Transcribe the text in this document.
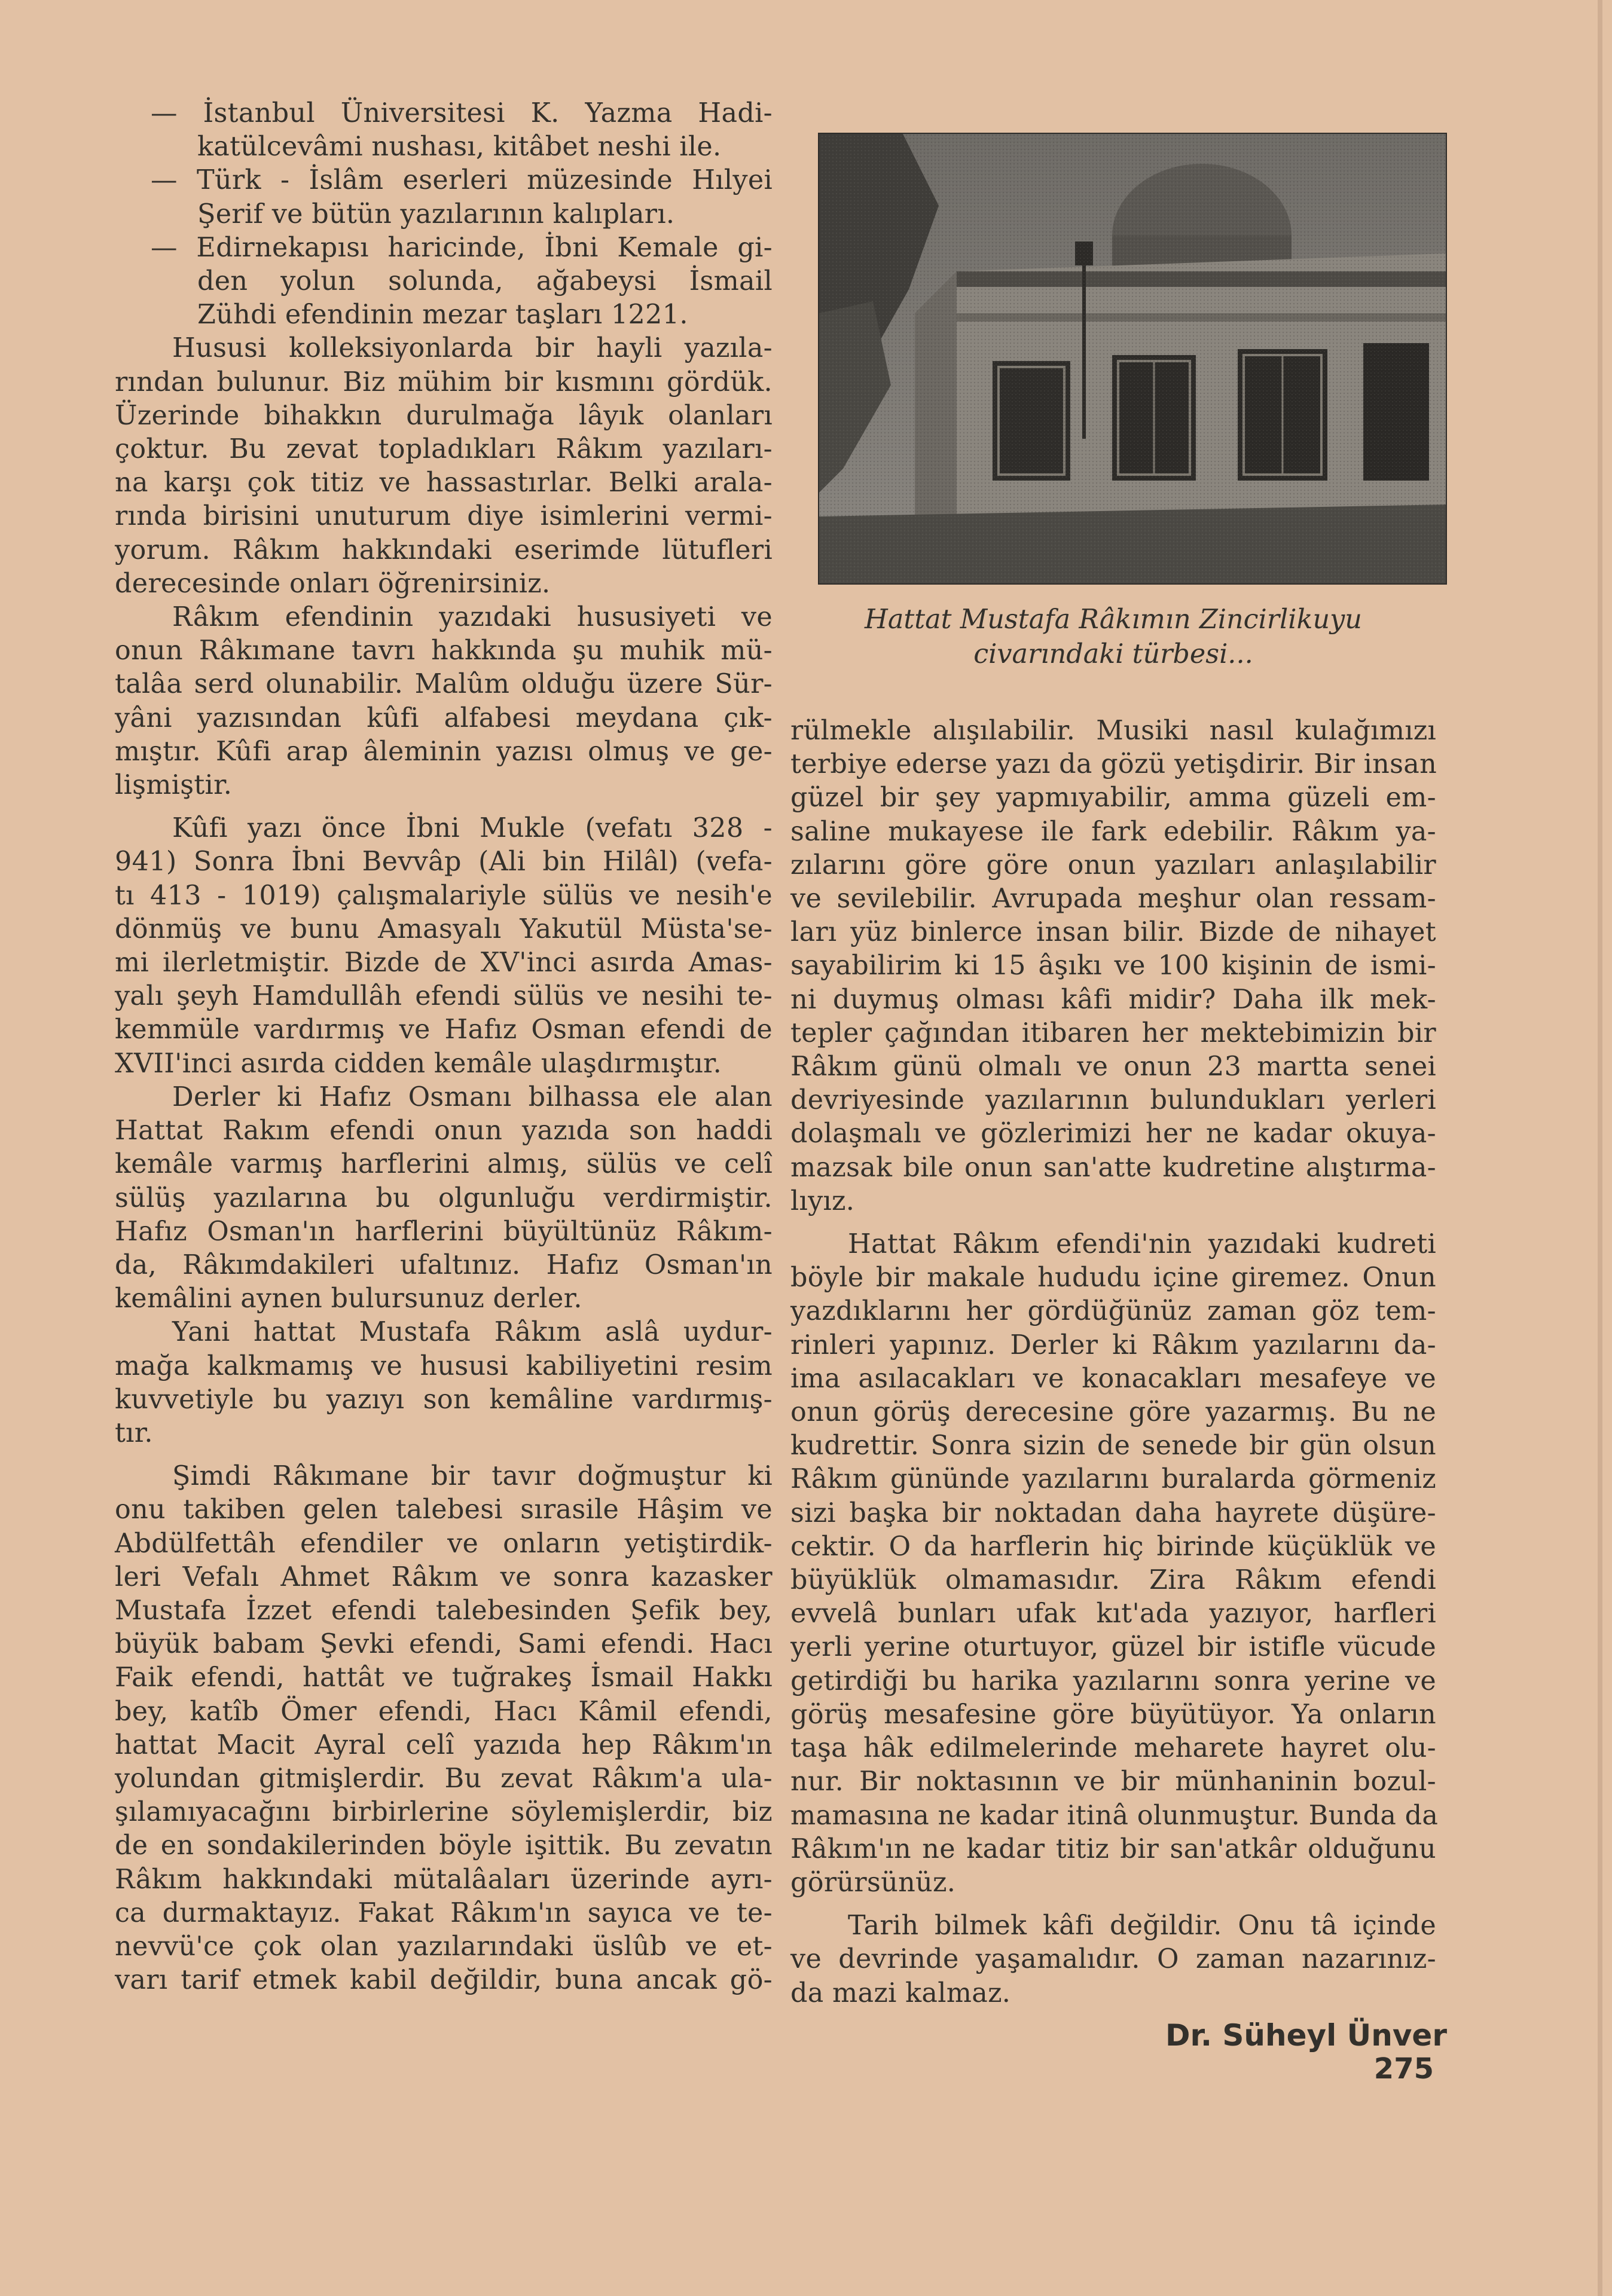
— İstanbul Üniversitesi K. Yazma Hadi-
katülcevâmi nushası, kitâbet neshi ile.
— Türk - İslâm eserleri müzesinde Hılyei
Şerif ve bütün yazılarının kalıpları.
— Edirnekapısı haricinde, İbni Kemale gi-
den yolun solunda, ağabeysi İsmail
Zühdi efendinin mezar taşları 1221.
Hususi kolleksiyonlarda bir hayli yazıla-
rından bulunur. Biz mühim bir kısmını gördük.
Üzerinde bihakkın durulmağa lâyık olanları
çoktur. Bu zevat topladıkları Râkım yazıları-
na karşı çok titiz ve hassastırlar. Belki arala-
rında birisini unuturum diye isimlerini vermi-
yorum. Râkım hakkındaki eserimde lütufleri
derecesinde onları öğrenirsiniz.
Râkım efendinin yazıdaki hususiyeti ve
onun Râkımane tavrı hakkında şu muhik mü-
talâa serd olunabilir. Malûm olduğu üzere Sür-
yâni yazısından kûfi alfabesi meydana çık-
mıştır. Kûfi arap âleminin yazısı olmuş ve ge-
lişmiştir.
Kûfi yazı önce İbni Mukle (vefatı 328 -
941) Sonra İbni Bevvâp (Ali bin Hilâl) (vefa-
tı 413 - 1019) çalışmalariyle sülüs ve nesih'e
dönmüş ve bunu Amasyalı Yakutül Müsta'se-
mi ilerletmiştir. Bizde de XV'inci asırda Amas-
yalı şeyh Hamdullâh efendi sülüs ve nesihi te-
kemmüle vardırmış ve Hafız Osman efendi de
XVII'inci asırda cidden kemâle ulaşdırmıştır.
Derler ki Hafız Osmanı bilhassa ele alan
Hattat Rakım efendi onun yazıda son haddi
kemâle varmış harflerini almış, sülüs ve celî
sülüş yazılarına bu olgunluğu verdirmiştir.
Hafız Osman'ın harflerini büyültünüz Râkım-
da, Râkımdakileri ufaltınız. Hafız Osman'ın
kemâlini aynen bulursunuz derler.
Yani hattat Mustafa Râkım aslâ uydur-
mağa kalkmamış ve hususi kabiliyetini resim
kuvvetiyle bu yazıyı son kemâline vardırmış-
tır.
Şimdi Râkımane bir tavır doğmuştur ki
onu takiben gelen talebesi sırasile Hâşim ve
Abdülfettâh efendiler ve onların yetiştirdik-
leri Vefalı Ahmet Râkım ve sonra kazasker
Mustafa İzzet efendi talebesinden Şefik bey,
büyük babam Şevki efendi, Sami efendi. Hacı
Faik efendi, hattât ve tuğrakeş İsmail Hakkı
bey, katîb Ömer efendi, Hacı Kâmil efendi,
hattat Macit Ayral celî yazıda hep Râkım'ın
yolundan gitmişlerdir. Bu zevat Râkım'a ula-
şılamıyacağını birbirlerine söylemişlerdir, biz
de en sondakilerinden böyle işittik. Bu zevatın
Râkım hakkındaki mütalâaları üzerinde ayrı-
ca durmaktayız. Fakat Râkım'ın sayıca ve te-
nevvü'ce çok olan yazılarındaki üslûb ve et-
varı tarif etmek kabil değildir, buna ancak gö-
Hattat Mustafa Râkımın Zincirlikuyu
civarındaki türbesi...
rülmekle alışılabilir. Musiki nasıl kulağımızı
terbiye ederse yazı da gözü yetişdirir. Bir insan
güzel bir şey yapmıyabilir, amma güzeli em-
saline mukayese ile fark edebilir. Râkım ya-
zılarını göre göre onun yazıları anlaşılabilir
ve sevilebilir. Avrupada meşhur olan ressam-
ları yüz binlerce insan bilir. Bizde de nihayet
sayabilirim ki 15 âşıkı ve 100 kişinin de ismi-
ni duymuş olması kâfi midir? Daha ilk mek-
tepler çağından itibaren her mektebimizin bir
Râkım günü olmalı ve onun 23 martta senei
devriyesinde yazılarının bulundukları yerleri
dolaşmalı ve gözlerimizi her ne kadar okuya-
mazsak bile onun san'atte kudretine alıştırma-
lıyız.
Hattat Râkım efendi'nin yazıdaki kudreti
böyle bir makale hududu içine giremez. Onun
yazdıklarını her gördüğünüz zaman göz tem-
rinleri yapınız. Derler ki Râkım yazılarını da-
ima asılacakları ve konacakları mesafeye ve
onun görüş derecesine göre yazarmış. Bu ne
kudrettir. Sonra sizin de senede bir gün olsun
Râkım gününde yazılarını buralarda görmeniz
sizi başka bir noktadan daha hayrete düşüre-
cektir. O da harflerin hiç birinde küçüklük ve
büyüklük olmamasıdır. Zira Râkım efendi
evvelâ bunları ufak kıt'ada yazıyor, harfleri
yerli yerine oturtuyor, güzel bir istifle vücude
getirdiği bu harika yazılarını sonra yerine ve
görüş mesafesine göre büyütüyor. Ya onların
taşa hâk edilmelerinde meharete hayret olu-
nur. Bir noktasının ve bir münhaninin bozul-
mamasına ne kadar itinâ olunmuştur. Bunda da
Râkım'ın ne kadar titiz bir san'atkâr olduğunu
görürsünüz.
Tarih bilmek kâfi değildir. Onu tâ içinde
ve devrinde yaşamalıdır. O zaman nazarınız-
da mazi kalmaz.
Dr. Süheyl Ünver
275
